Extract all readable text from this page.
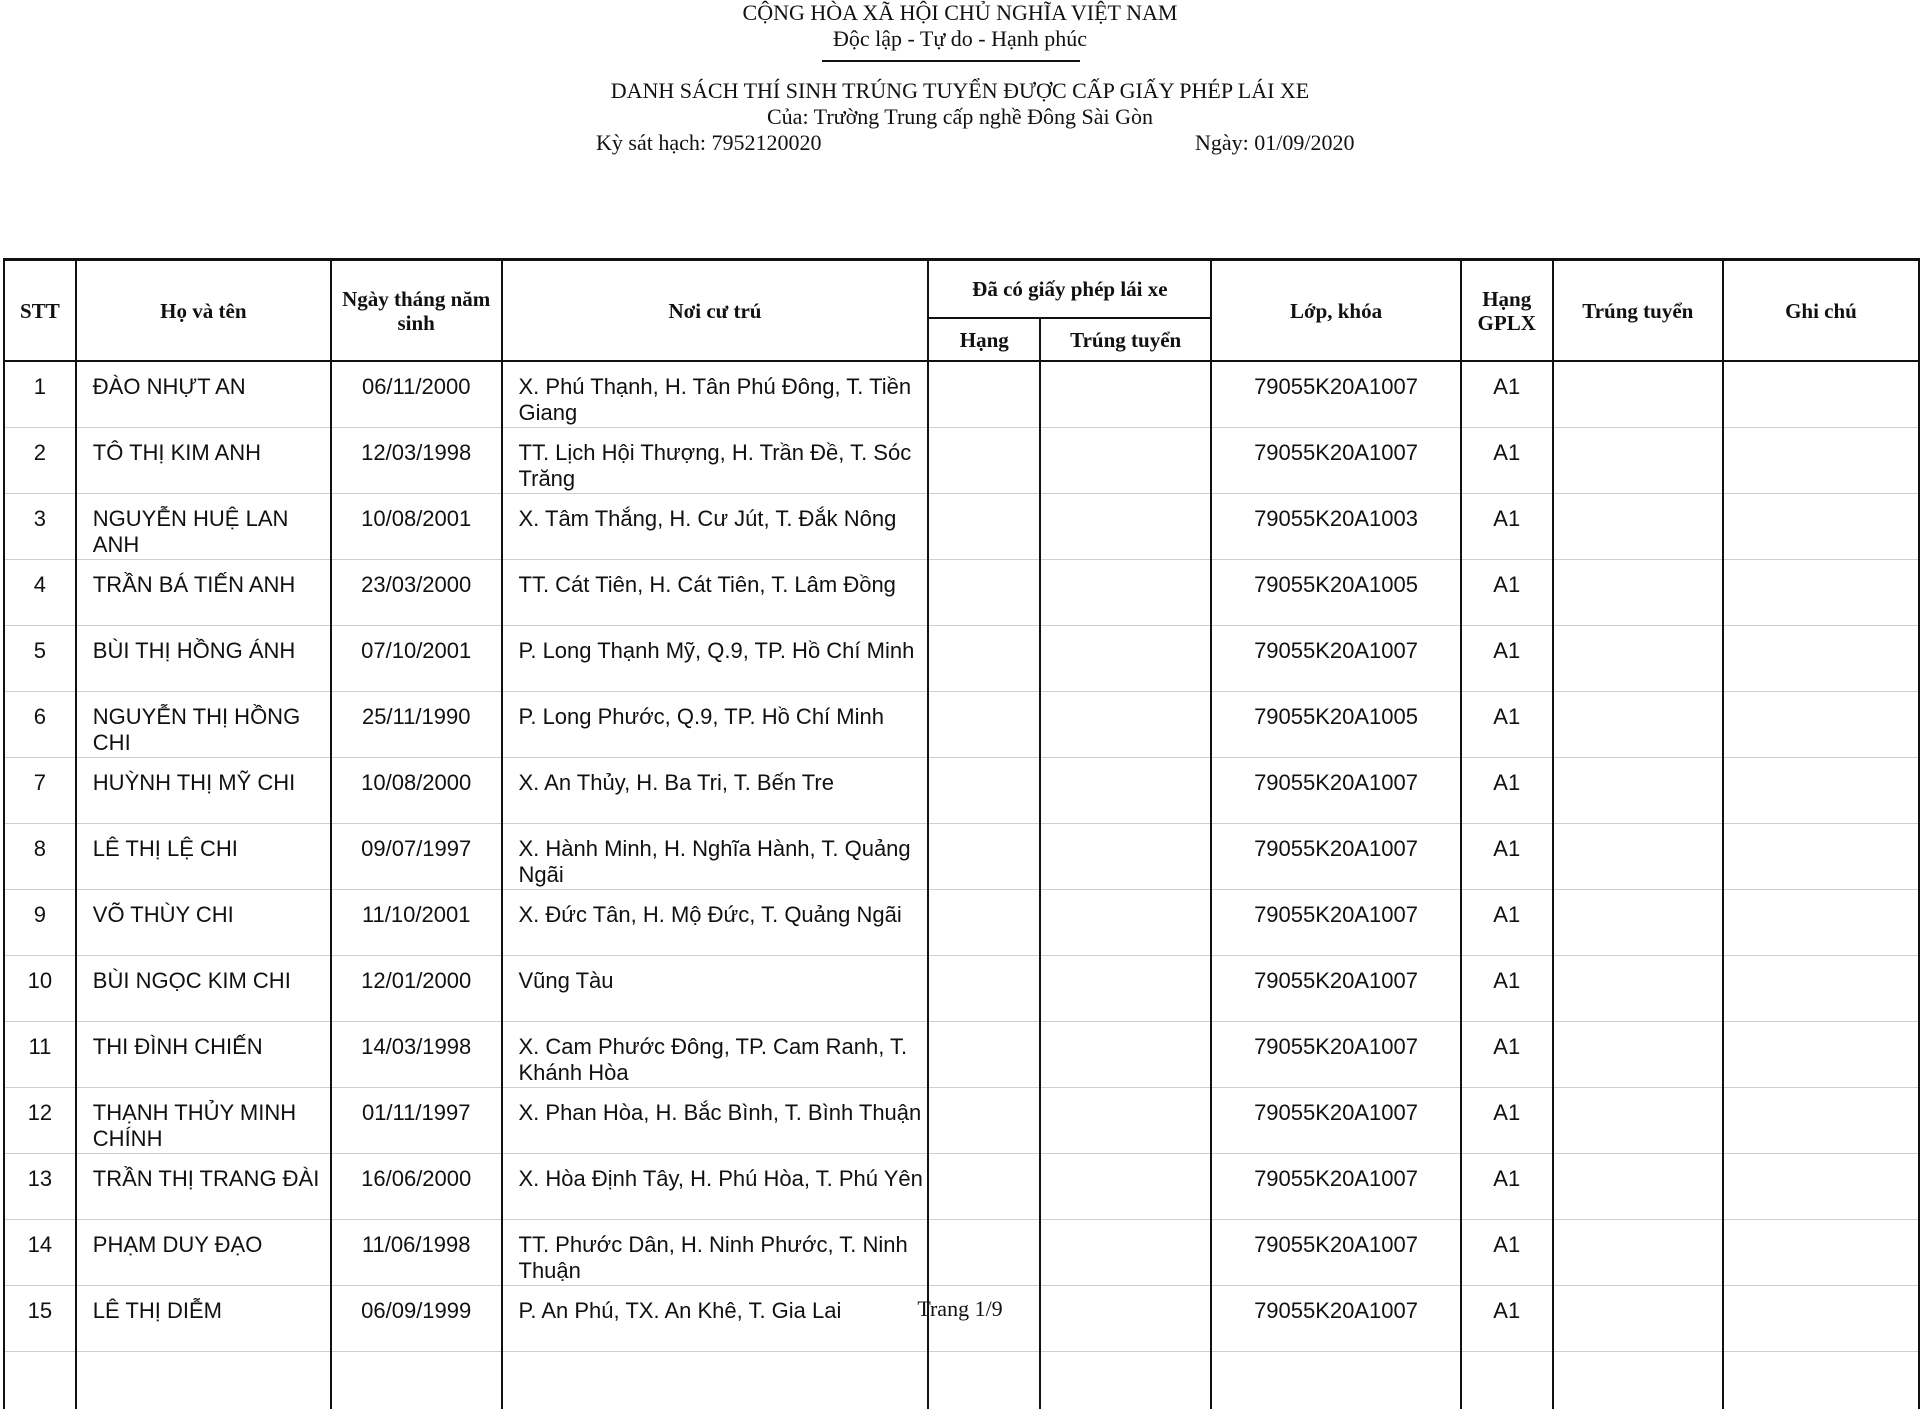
CỘNG HÒA XÃ HỘI CHỦ NGHĨA VIỆT NAM
Độc lập - Tự do - Hạnh phúc
DANH SÁCH THÍ SINH TRÚNG TUYỂN ĐƯỢC CẤP GIẤY PHÉP LÁI XE
Của: Trường Trung cấp nghề Đông Sài Gòn
Kỳ sát hạch: 7952120020	Ngày: 01/09/2020
STT	Họ và tên	Ngày tháng năm sinh	Nơi cư trú	Đã có giấy phép lái xe		Lớp, khóa	Hạng GPLX	Trúng tuyển	Ghi chú
				Hạng	Trúng tuyển				

1	ĐÀO NHỰT AN	06/11/2000	X. Phú Thạnh, H. Tân Phú Đông, T. Tiền Giang			79055K20A1007	A1		

2	TÔ THỊ KIM ANH	12/03/1998	TT. Lịch Hội Thượng, H. Trần Đề, T. Sóc Trăng			79055K20A1007	A1		

3	NGUYỄN HUỆ LAN ANH	10/08/2001	X. Tâm Thắng, H. Cư Jút, T. Đắk Nông			79055K20A1003	A1		

4	TRẦN BÁ TIẾN ANH	23/03/2000	TT. Cát Tiên, H. Cát Tiên, T. Lâm Đồng			79055K20A1005	A1		

5	BÙI THỊ HỒNG ÁNH	07/10/2001	P. Long Thạnh Mỹ, Q.9, TP. Hồ Chí Minh			79055K20A1007	A1		

6	NGUYỄN THỊ HỒNG CHI	25/11/1990	P. Long Phước, Q.9, TP. Hồ Chí Minh			79055K20A1005	A1		

7	HUỲNH THỊ MỸ CHI	10/08/2000	X. An Thủy, H. Ba Tri, T. Bến Tre			79055K20A1007	A1		

8	LÊ THỊ LỆ CHI	09/07/1997	X. Hành Minh, H. Nghĩa Hành, T. Quảng Ngãi			79055K20A1007	A1		

9	VÕ THÙY CHI	11/10/2001	X. Đức Tân, H. Mộ Đức, T. Quảng Ngãi			79055K20A1007	A1		

10	BÙI NGỌC KIM CHI	12/01/2000	Vũng Tàu			79055K20A1007	A1		

11	THI ĐÌNH CHIẾN	14/03/1998	X. Cam Phước Đông, TP. Cam Ranh, T. Khánh Hòa			79055K20A1007	A1		

12	THẠNH THỦY MINH CHÍNH	01/11/1997	X. Phan Hòa, H. Bắc Bình, T. Bình Thuận			79055K20A1007	A1		

13	TRẦN THỊ TRANG ĐÀI	16/06/2000	X. Hòa Định Tây, H. Phú Hòa, T. Phú Yên			79055K20A1007	A1		

14	PHẠM DUY ĐẠO	11/06/1998	TT. Phước Dân, H. Ninh Phước, T. Ninh Thuận			79055K20A1007	A1		

15	LÊ THỊ DIỄM	06/09/1999	P. An Phú, TX. An Khê, T. Gia Lai			79055K20A1007	A1		

Trang 1/9
